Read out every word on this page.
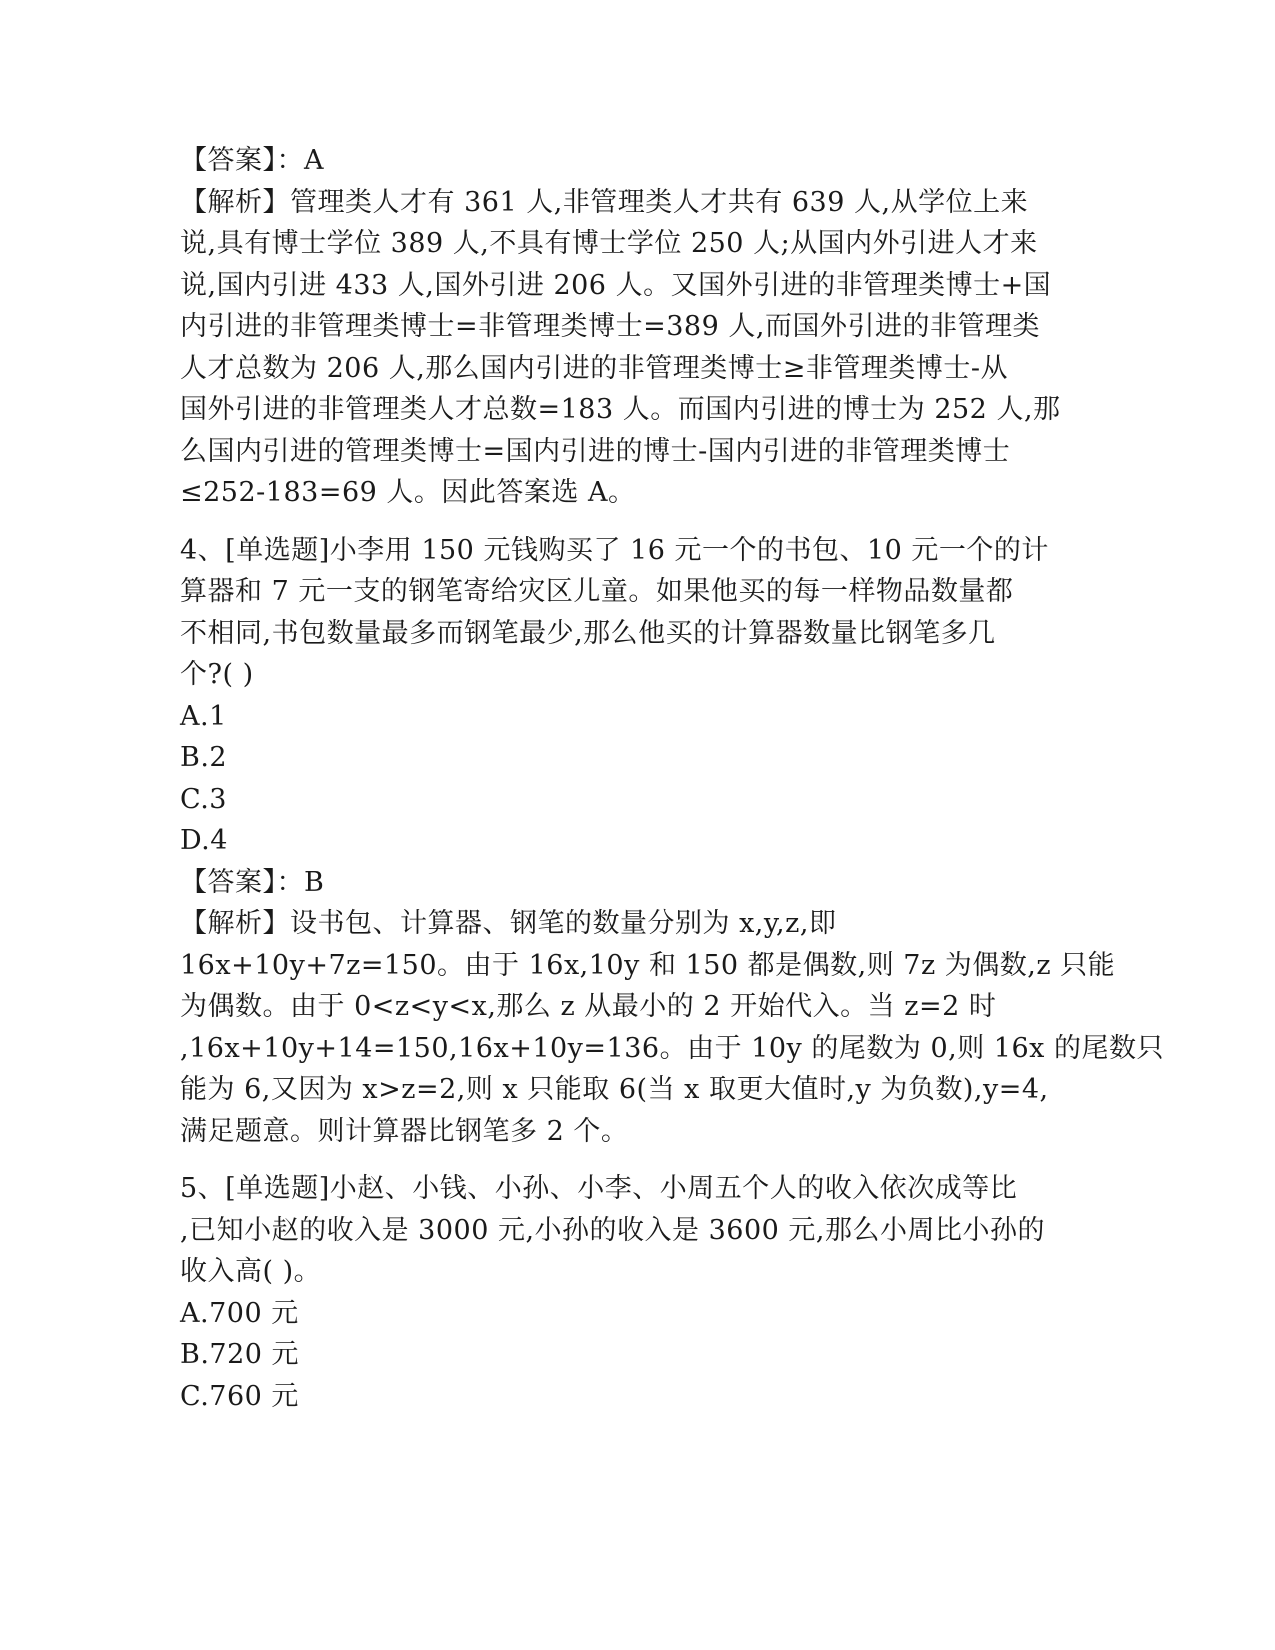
【答案】：A
【解析】管理类人才有 361 人,非管理类人才共有 639 人,从学位上来
说,具有博士学位 389 人,不具有博士学位 250 人;从国内外引进人才来
说,国内引进 433 人,国外引进 206 人。又国外引进的非管理类博士+国
内引进的非管理类博士=非管理类博士=389 人,而国外引进的非管理类
人才总数为 206 人,那么国内引进的非管理类博士≥非管理类博士-从
国外引进的非管理类人才总数=183 人。而国内引进的博士为 252 人,那
么国内引进的管理类博士=国内引进的博士-国内引进的非管理类博士
≤252-183=69 人。因此答案选 A。
4、[单选题]小李用 150 元钱购买了 16 元一个的书包、10 元一个的计
算器和 7 元一支的钢笔寄给灾区儿童。如果他买的每一样物品数量都
不相同,书包数量最多而钢笔最少,那么他买的计算器数量比钢笔多几
个?( )
A.1
B.2
C.3
D.4
【答案】：B
【解析】设书包、计算器、钢笔的数量分别为 x,y,z,即
16x+10y+7z=150。由于 16x,10y 和 150 都是偶数,则 7z 为偶数,z 只能
为偶数。由于 0<z<y<x,那么 z 从最小的 2 开始代入。当 z=2 时
,16x+10y+14=150,16x+10y=136。由于 10y 的尾数为 0,则 16x 的尾数只
能为 6,又因为 x>z=2,则 x 只能取 6(当 x 取更大值时,y 为负数),y=4,
满足题意。则计算器比钢笔多 2 个。
5、[单选题]小赵、小钱、小孙、小李、小周五个人的收入依次成等比
,已知小赵的收入是 3000 元,小孙的收入是 3600 元,那么小周比小孙的
收入高( )。
A.700 元
B.720 元
C.760 元
